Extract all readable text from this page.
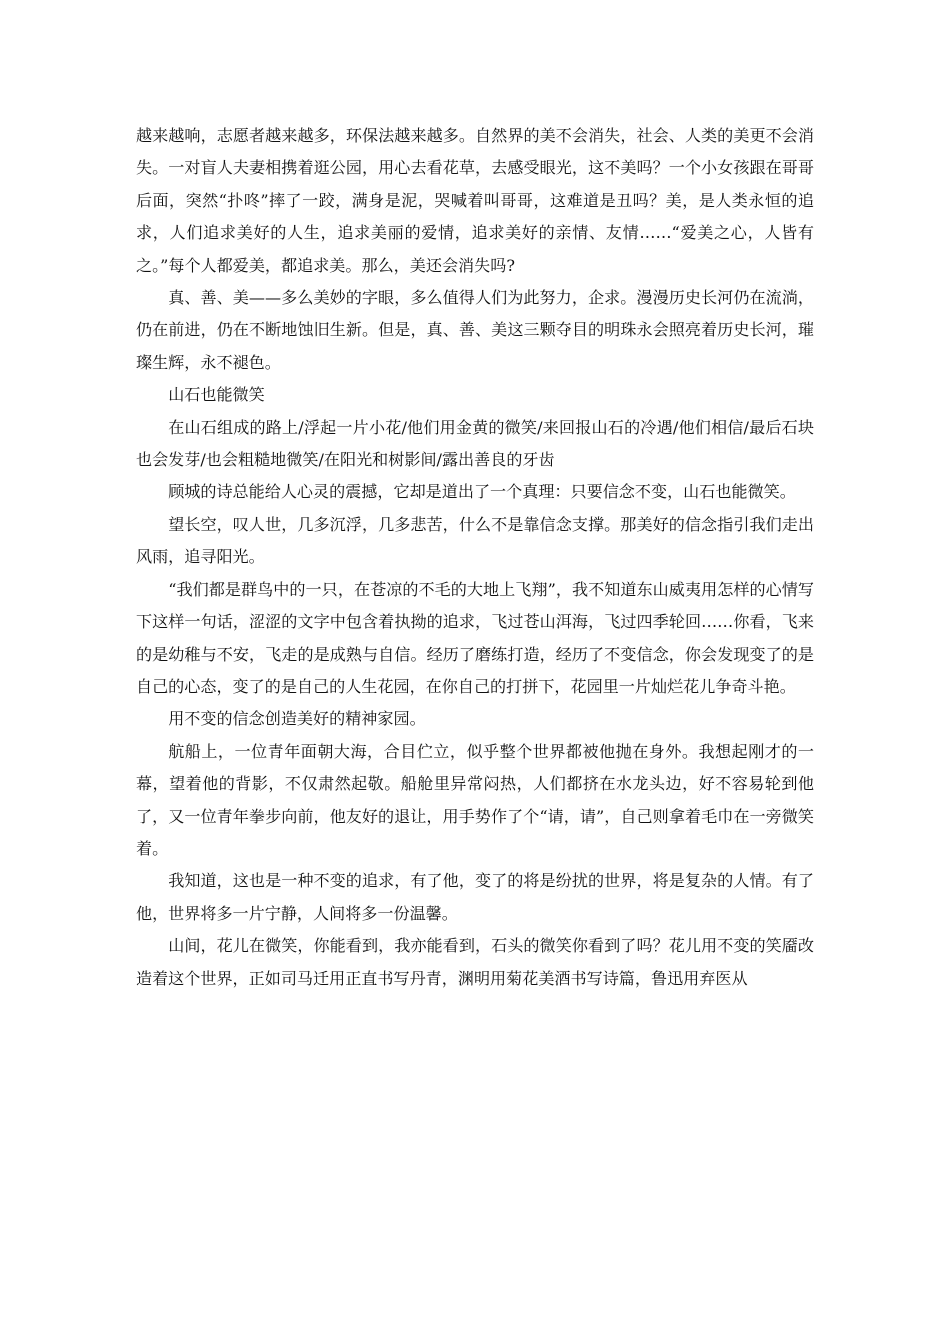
越来越响，志愿者越来越多，环保法越来越多。自然界的美不会消失，社会、人类的美更不会消失。一对盲人夫妻相携着逛公园，用心去看花草，去感受眼光，这不美吗？一个小女孩跟在哥哥后面，突然“扑咚”摔了一跤，满身是泥，哭喊着叫哥哥，这难道是丑吗？美，是人类永恒的追求，人们追求美好的人生，追求美丽的爱情，追求美好的亲情、友情……“爱美之心，人皆有之。”每个人都爱美，都追求美。那么，美还会消失吗?

真、善、美——多么美妙的字眼，多么值得人们为此努力，企求。漫漫历史长河仍在流淌，仍在前进，仍在不断地蚀旧生新。但是，真、善、美这三颗夺目的明珠永会照亮着历史长河，璀璨生辉，永不褪色。

山石也能微笑

在山石组成的路上/浮起一片小花/他们用金黄的微笑/来回报山石的冷遇/他们相信/最后石块也会发芽/也会粗糙地微笑/在阳光和树影间/露出善良的牙齿

顾城的诗总能给人心灵的震撼，它却是道出了一个真理：只要信念不变，山石也能微笑。

望长空，叹人世，几多沉浮，几多悲苦，什么不是靠信念支撑。那美好的信念指引我们走出风雨，追寻阳光。

“我们都是群鸟中的一只，在苍凉的不毛的大地上飞翔”，我不知道东山威夷用怎样的心情写下这样一句话，涩涩的文字中包含着执拗的追求，飞过苍山洱海，飞过四季轮回……你看，飞来的是幼稚与不安，飞走的是成熟与自信。经历了磨练打造，经历了不变信念，你会发现变了的是自己的心态，变了的是自己的人生花园，在你自己的打拼下，花园里一片灿烂花儿争奇斗艳。

用不变的信念创造美好的精神家园。

航船上，一位青年面朝大海，合目伫立，似乎整个世界都被他抛在身外。我想起刚才的一幕，望着他的背影，不仅肃然起敬。船舱里异常闷热，人们都挤在水龙头边，好不容易轮到他了，又一位青年拳步向前，他友好的退让，用手势作了个“请，请”，自己则拿着毛巾在一旁微笑着。

我知道，这也是一种不变的追求，有了他，变了的将是纷扰的世界，将是复杂的人情。有了他，世界将多一片宁静，人间将多一份温馨。

山间，花儿在微笑，你能看到，我亦能看到，石头的微笑你看到了吗？花儿用不变的笑靥改造着这个世界，正如司马迁用正直书写丹青，渊明用菊花美酒书写诗篇，鲁迅用弃医从
